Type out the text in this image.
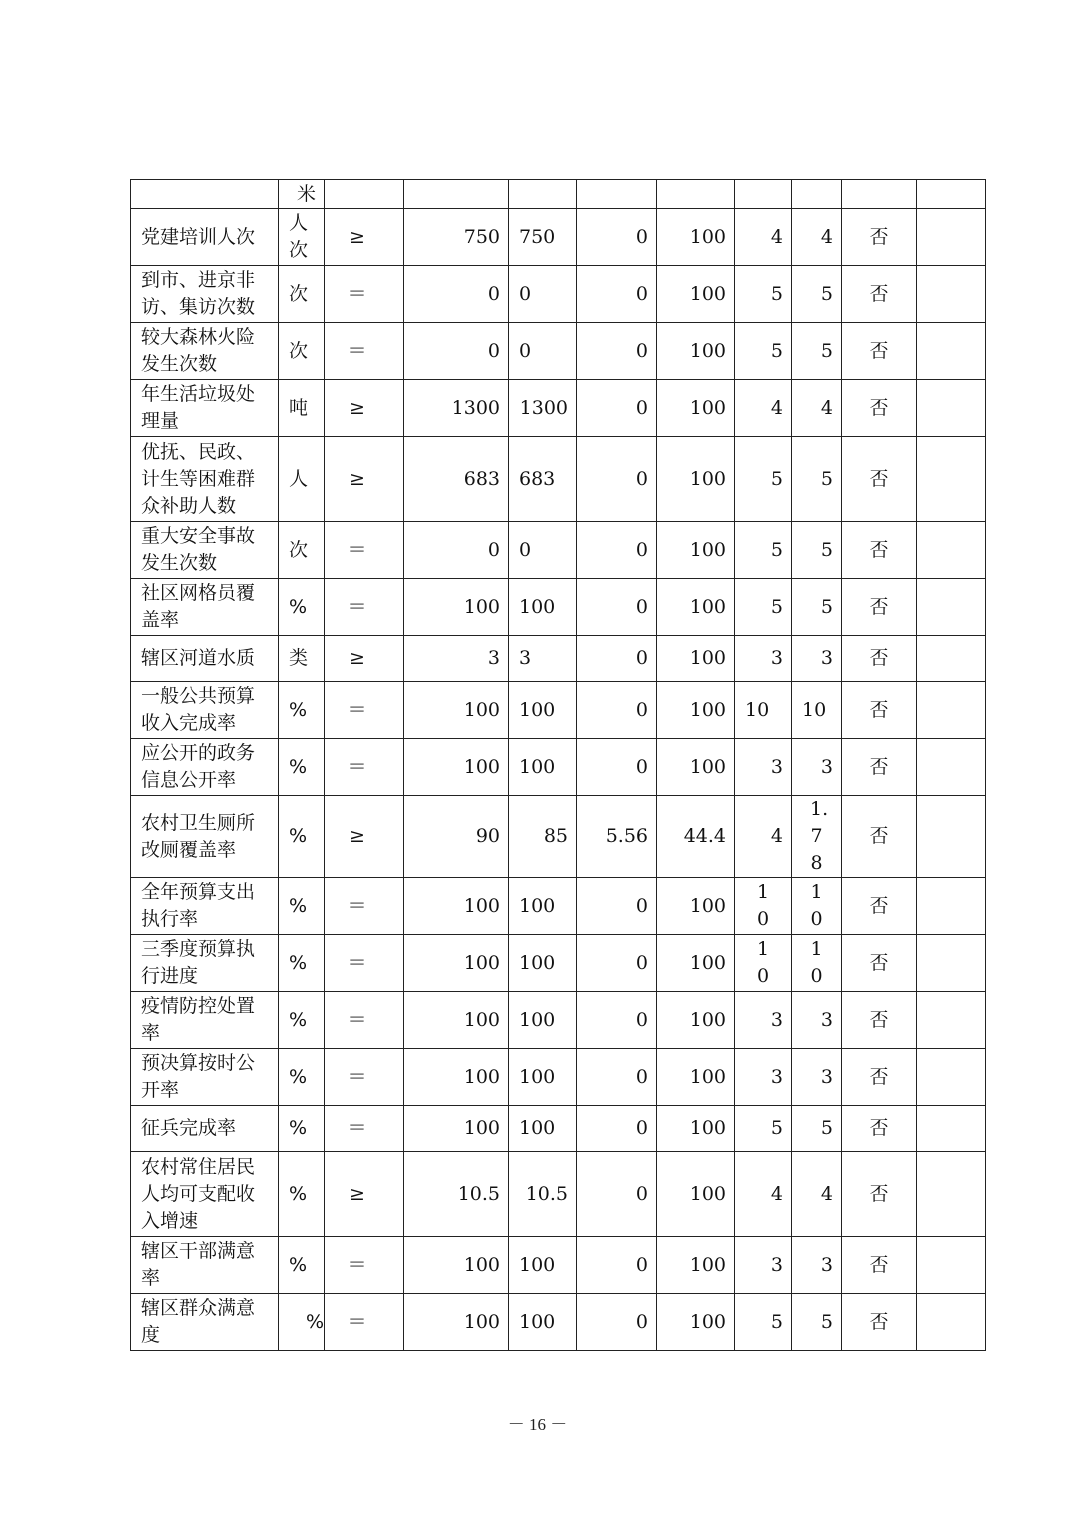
	米									
党建培训人次	人次	≥	750	750	0	100	4	4	否	
到市、进京非访、集访次数	次	＝	0	0	0	100	5	5	否	
较大森林火险发生次数	次	＝	0	0	0	100	5	5	否	
年生活垃圾处理量	吨	≥	1300	1300	0	100	4	4	否	
优抚、民政、计生等困难群众补助人数	人	≥	683	683	0	100	5	5	否	
重大安全事故发生次数	次	＝	0	0	0	100	5	5	否	
社区网格员覆盖率	%	＝	100	100	0	100	5	5	否	
辖区河道水质	类	≥	3	3	0	100	3	3	否	
一般公共预算收入完成率	%	＝	100	100	0	100	10	10	否	
应公开的政务信息公开率	%	＝	100	100	0	100	3	3	否	
农村卫生厕所改厕覆盖率	%	≥	90	85	5.56	44.4	4	1.78	否	
全年预算支出执行率	%	＝	100	100	0	100	10	10	否	
三季度预算执行进度	%	＝	100	100	0	100	10	10	否	
疫情防控处置率	%	＝	100	100	0	100	3	3	否	
预决算按时公开率	%	＝	100	100	0	100	3	3	否	
征兵完成率	%	＝	100	100	0	100	5	5	否	
农村常住居民人均可支配收入增速	%	≥	10.5	10.5	0	100	4	4	否	
辖区干部满意率	%	＝	100	100	0	100	3	3	否	
辖区群众满意度	%	＝	100	100	0	100	5	5	否	
－ 16 －
